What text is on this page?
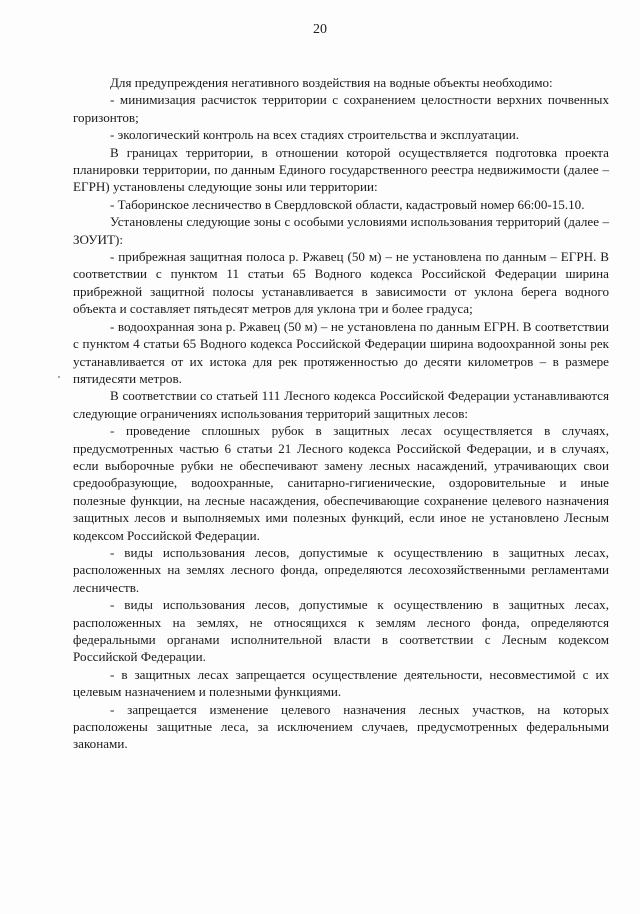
20

Для предупреждения негативного воздействия на водные объекты необходимо:

- минимизация расчисток территории с сохранением целостности верхних почвенных горизонтов;

- экологический контроль на всех стадиях строительства и эксплуатации.

В границах территории, в отношении которой осуществляется подготовка проекта планировки территории, по данным Единого государственного реестра недвижимости (далее – ЕГРН) установлены следующие зоны или территории:

- Таборинское лесничество в Свердловской области, кадастровый номер 66:00-15.10.

Установлены следующие зоны с особыми условиями использования территорий (далее – ЗОУИТ):

- прибрежная защитная полоса р. Ржавец (50 м) – не установлена по данным – ЕГРН. В соответствии с пунктом 11 статьи 65 Водного кодекса Российской Федерации ширина прибрежной защитной полосы устанавливается в зависимости от уклона берега водного объекта и составляет пятьдесят метров для уклона три и более градуса;

- водоохранная зона р. Ржавец (50 м) – не установлена по данным ЕГРН. В соответствии с пунктом 4 статьи 65 Водного кодекса Российской Федерации ширина водоохранной зоны рек устанавливается от их истока для рек протяженностью до десяти километров – в размере пятидесяти метров.

В соответствии со статьей 111 Лесного кодекса Российской Федерации устанавливаются следующие ограничениях использования территорий защитных лесов:

- проведение сплошных рубок в защитных лесах осуществляется в случаях, предусмотренных частью 6 статьи 21 Лесного кодекса Российской Федерации, и в случаях, если выборочные рубки не обеспечивают замену лесных насаждений, утрачивающих свои средообразующие, водоохранные, санитарно-гигиенические, оздоровительные и иные полезные функции, на лесные насаждения, обеспечивающие сохранение целевого назначения защитных лесов и выполняемых ими полезных функций, если иное не установлено Лесным кодексом Российской Федерации.

- виды использования лесов, допустимые к осуществлению в защитных лесах, расположенных на землях лесного фонда, определяются лесохозяйственными регламентами лесничеств.

- виды использования лесов, допустимые к осуществлению в защитных лесах, расположенных на землях, не относящихся к землям лесного фонда, определяются федеральными органами исполнительной власти в соответствии с Лесным кодексом Российской Федерации.

- в защитных лесах запрещается осуществление деятельности, несовместимой с их целевым назначением и полезными функциями.

- запрещается изменение целевого назначения лесных участков, на которых расположены защитные леса, за исключением случаев, предусмотренных федеральными законами.
